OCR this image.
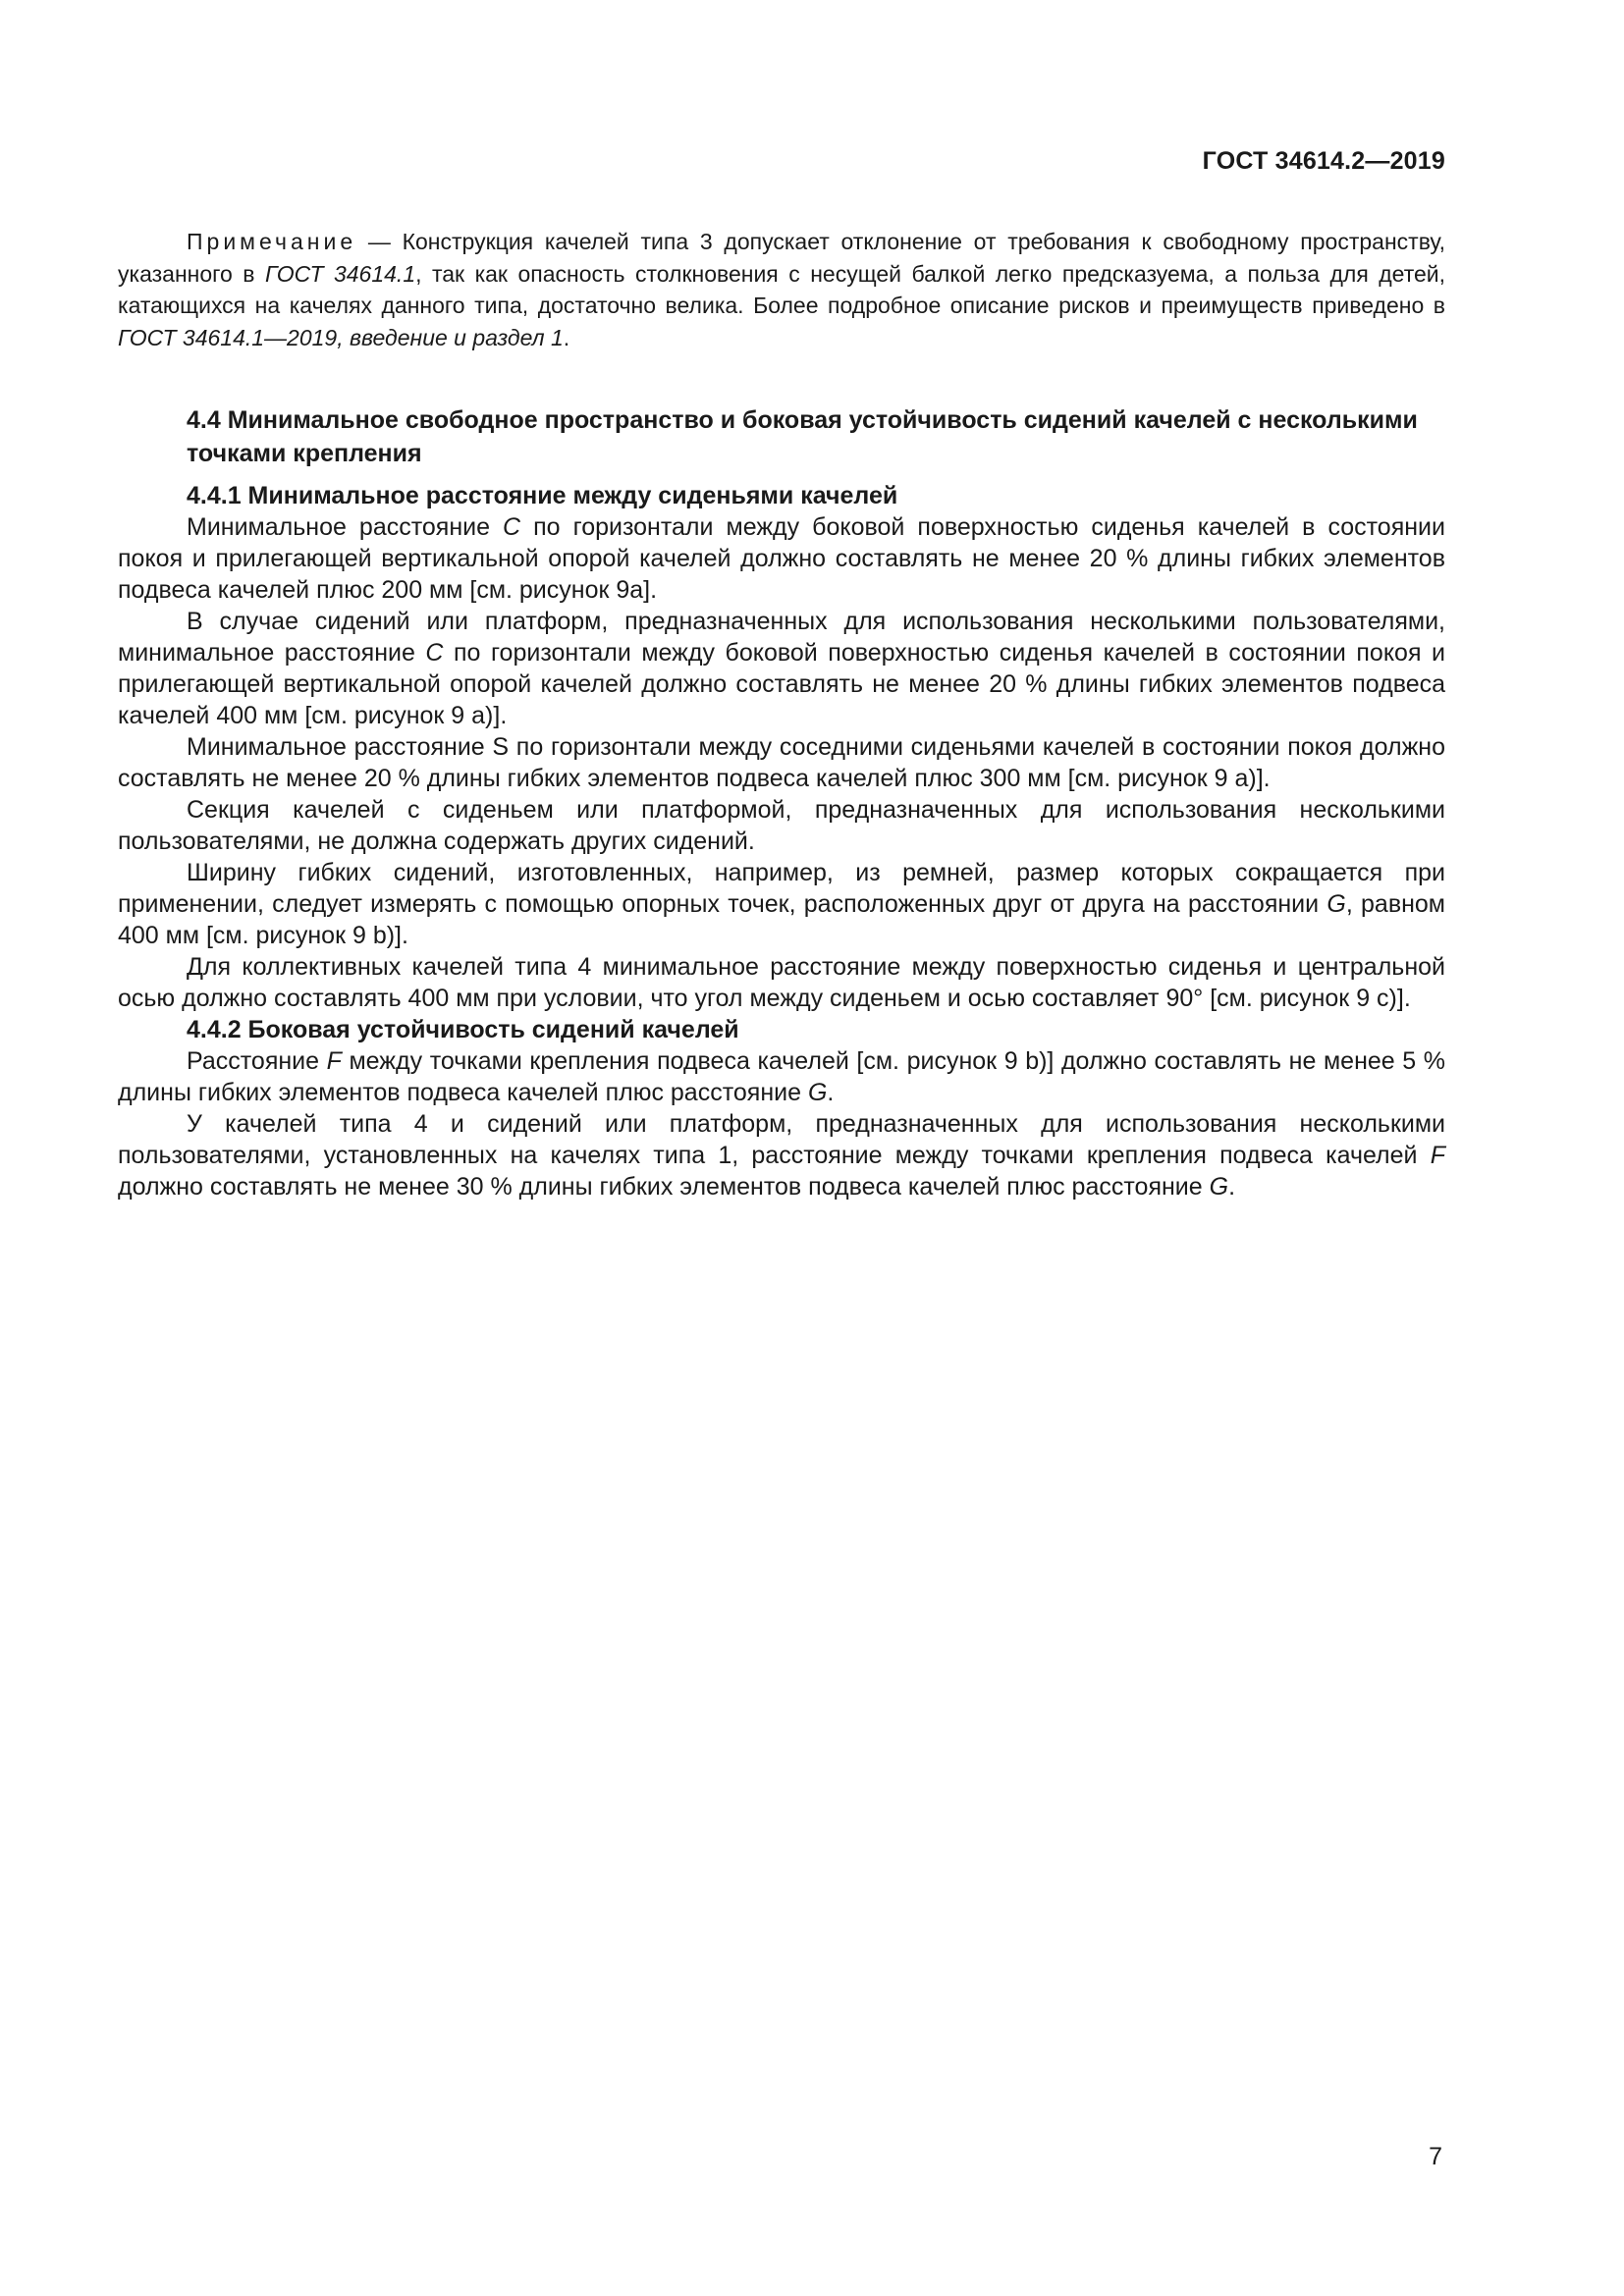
ГОСТ 34614.2—2019

Примечание — Конструкция качелей типа 3 допускает отклонение от требования к свободному пространству, указанного в ГОСТ 34614.1, так как опасность столкновения с несущей балкой легко предсказуема, а польза для детей, катающихся на качелях данного типа, достаточно велика. Более подробное описание рисков и преимуществ приведено в ГОСТ 34614.1—2019, введение и раздел 1.

4.4 Минимальное свободное пространство и боковая устойчивость сидений качелей с несколькими точками крепления
4.4.1 Минимальное расстояние между сиденьями качелей

Минимальное расстояние C по горизонтали между боковой поверхностью сиденья качелей в состоянии покоя и прилегающей вертикальной опорой качелей должно составлять не менее 20 % длины гибких элементов подвеса качелей плюс 200 мм [см. рисунок 9а].

В случае сидений или платформ, предназначенных для использования несколькими пользователями, минимальное расстояние C по горизонтали между боковой поверхностью сиденья качелей в состоянии покоя и прилегающей вертикальной опорой качелей должно составлять не менее 20 % длины гибких элементов подвеса качелей 400 мм [см. рисунок 9 а)].

Минимальное расстояние S по горизонтали между соседними сиденьями качелей в состоянии покоя должно составлять не менее 20 % длины гибких элементов подвеса качелей плюс 300 мм [см. рисунок 9 а)].

Секция качелей с сиденьем или платформой, предназначенных для использования несколькими пользователями, не должна содержать других сидений.

Ширину гибких сидений, изготовленных, например, из ремней, размер которых сокращается при применении, следует измерять с помощью опорных точек, расположенных друг от друга на расстоянии G, равном 400 мм [см. рисунок 9 b)].

Для коллективных качелей типа 4 минимальное расстояние между поверхностью сиденья и центральной осью должно составлять 400 мм при условии, что угол между сиденьем и осью составляет 90° [см. рисунок 9 c)].

4.4.2 Боковая устойчивость сидений качелей

Расстояние F между точками крепления подвеса качелей [см. рисунок 9 b)] должно составлять не менее 5 % длины гибких элементов подвеса качелей плюс расстояние G.

У качелей типа 4 и сидений или платформ, предназначенных для использования несколькими пользователями, установленных на качелях типа 1, расстояние между точками крепления подвеса качелей F должно составлять не менее 30 % длины гибких элементов подвеса качелей плюс расстояние G.

7
